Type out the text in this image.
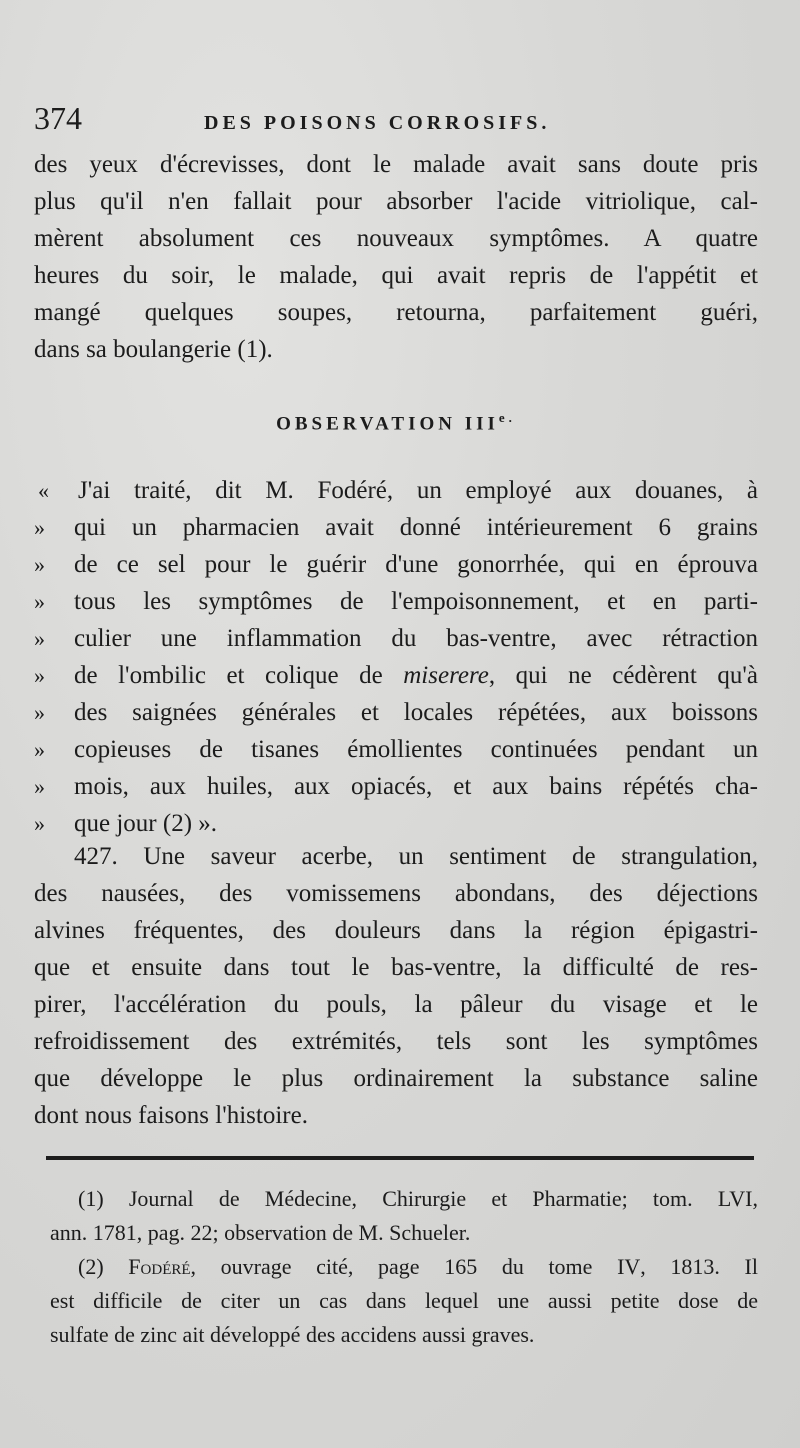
374	DES POISONS CORROSIFS.
des yeux d'écrevisses, dont le malade avait sans doute pris
plus qu'il n'en fallait pour absorber l'acide vitriolique, cal-
mèrent absolument ces nouveaux symptômes. A quatre
heures du soir, le malade, qui avait repris de l'appétit et
mangé quelques soupes, retourna, parfaitement guéri,
dans sa boulangerie (1).
OBSERVATION $III^{e.}$
«	J'ai traité, dit M. Fodéré, un employé aux douanes, à
»	qui un pharmacien avait donné intérieurement 6 grains
»	de ce sel pour le guérir d'une gonorrhée, qui en éprouva
»	tous les symptômes de l'empoisonnement, et en parti-
»	culier une inflammation du bas-ventre, avec rétraction
»	de l'ombilic et colique de miserere, qui ne cédèrent qu'à
»	des saignées générales et locales répétées, aux boissons
»	copieuses de tisanes émollientes continuées pendant un
»	mois, aux huiles, aux opiacés, et aux bains répétés cha-
»	que jour (2) ».
427. Une saveur acerbe, un sentiment de strangulation,
des nausées, des vomissemens abondans, des déjections
alvines fréquentes, des douleurs dans la région épigastri-
que et ensuite dans tout le bas-ventre, la difficulté de res-
pirer, l'accélération du pouls, la pâleur du visage et le
refroidissement des extrémités, tels sont les symptômes
que développe le plus ordinairement la substance saline
dont nous faisons l'histoire.
(1) Journal de Médecine, Chirurgie et Pharmatie; tom. LVI,
ann. 1781, pag. 22; observation de M. Schueler.
(2) Fodéré, ouvrage cité, page 165 du tome IV, 1813. Il
est difficile de citer un cas dans lequel une aussi petite dose de
sulfate de zinc ait développé des accidens aussi graves.
